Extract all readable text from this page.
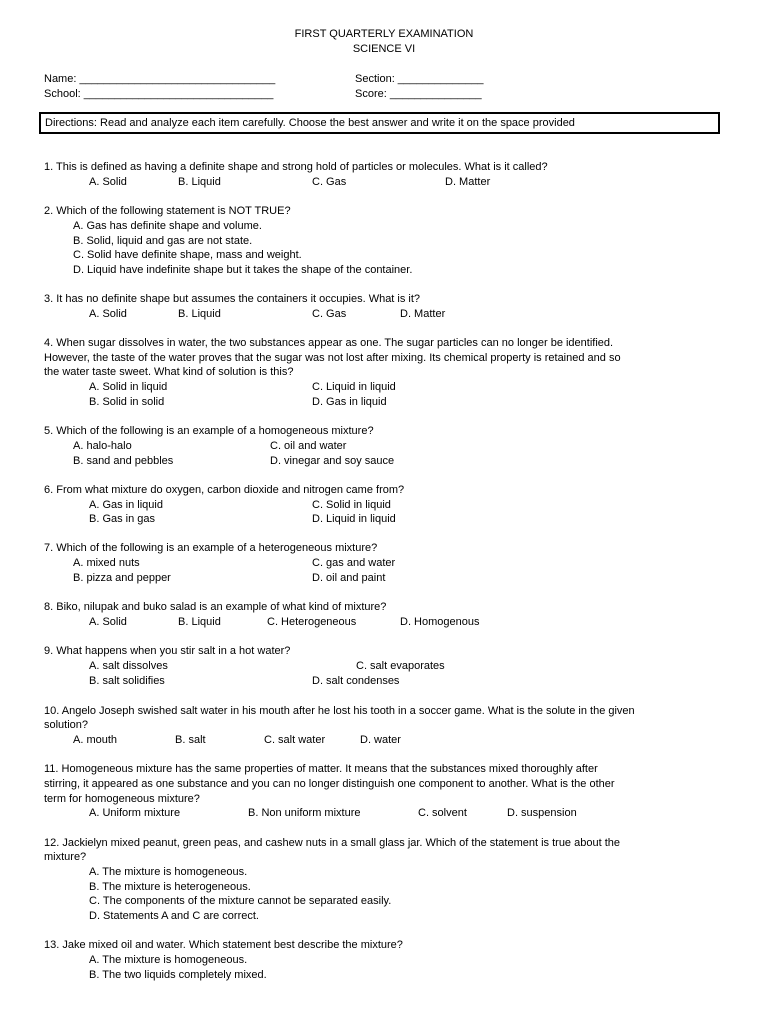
FIRST QUARTERLY EXAMINATION
SCIENCE VI
Name: ________________________________	Section: ______________
School: _______________________________	Score: _______________
Directions: Read and analyze each item carefully. Choose the best answer and write it on the space provided
1. This is defined as having a definite shape and strong hold of particles or molecules. What is it called?
A. Solid	B. Liquid	C. Gas	D. Matter
2. Which of the following statement is NOT TRUE?
A. Gas has definite shape and volume.
B. Solid, liquid and gas are not state.
C. Solid have definite shape, mass and weight.
D. Liquid have indefinite shape but it takes the shape of the container.
3. It has no definite shape but assumes the containers it occupies. What is it?
A. Solid	B. Liquid	C. Gas	D. Matter
4. When sugar dissolves in water, the two substances appear as one. The sugar particles can no longer be identified.
However, the taste of the water proves that the sugar was not lost after mixing. Its chemical property is retained and so
the water taste sweet. What kind of solution is this?
A. Solid in liquid	C. Liquid in liquid
B. Solid in solid	D. Gas in liquid
5. Which of the following is an example of a homogeneous mixture?
A. halo-halo	C. oil and water
B. sand and pebbles	D. vinegar and soy sauce
6. From what mixture do oxygen, carbon dioxide and nitrogen came from?
A. Gas in liquid	C. Solid in liquid
B. Gas in gas	D. Liquid in liquid
7. Which of the following is an example of a heterogeneous mixture?
A. mixed nuts	C. gas and water
B. pizza and pepper	D. oil and paint
8. Biko, nilupak and buko salad is an example of what kind of mixture?
A. Solid	B. Liquid	C. Heterogeneous	D. Homogenous
9. What happens when you stir salt in a hot water?
A. salt dissolves	C. salt evaporates
B. salt solidifies	D. salt condenses
10. Angelo Joseph swished salt water in his mouth after he lost his tooth in a soccer game. What is the solute in the given
solution?
A. mouth	B. salt	C. salt water	D. water
11. Homogeneous mixture has the same properties of matter. It means that the substances mixed thoroughly after
stirring, it appeared as one substance and you can no longer distinguish one component to another. What is the other
term for homogeneous mixture?
A. Uniform mixture	B. Non uniform mixture	C. solvent	D. suspension
12. Jackielyn mixed peanut, green peas, and cashew nuts in a small glass jar. Which of the statement is true about the
mixture?
A. The mixture is homogeneous.
B. The mixture is heterogeneous.
C. The components of the mixture cannot be separated easily.
D. Statements A and C are correct.
13. Jake mixed oil and water. Which statement best describe the mixture?
A. The mixture is homogeneous.
B. The two liquids completely mixed.
